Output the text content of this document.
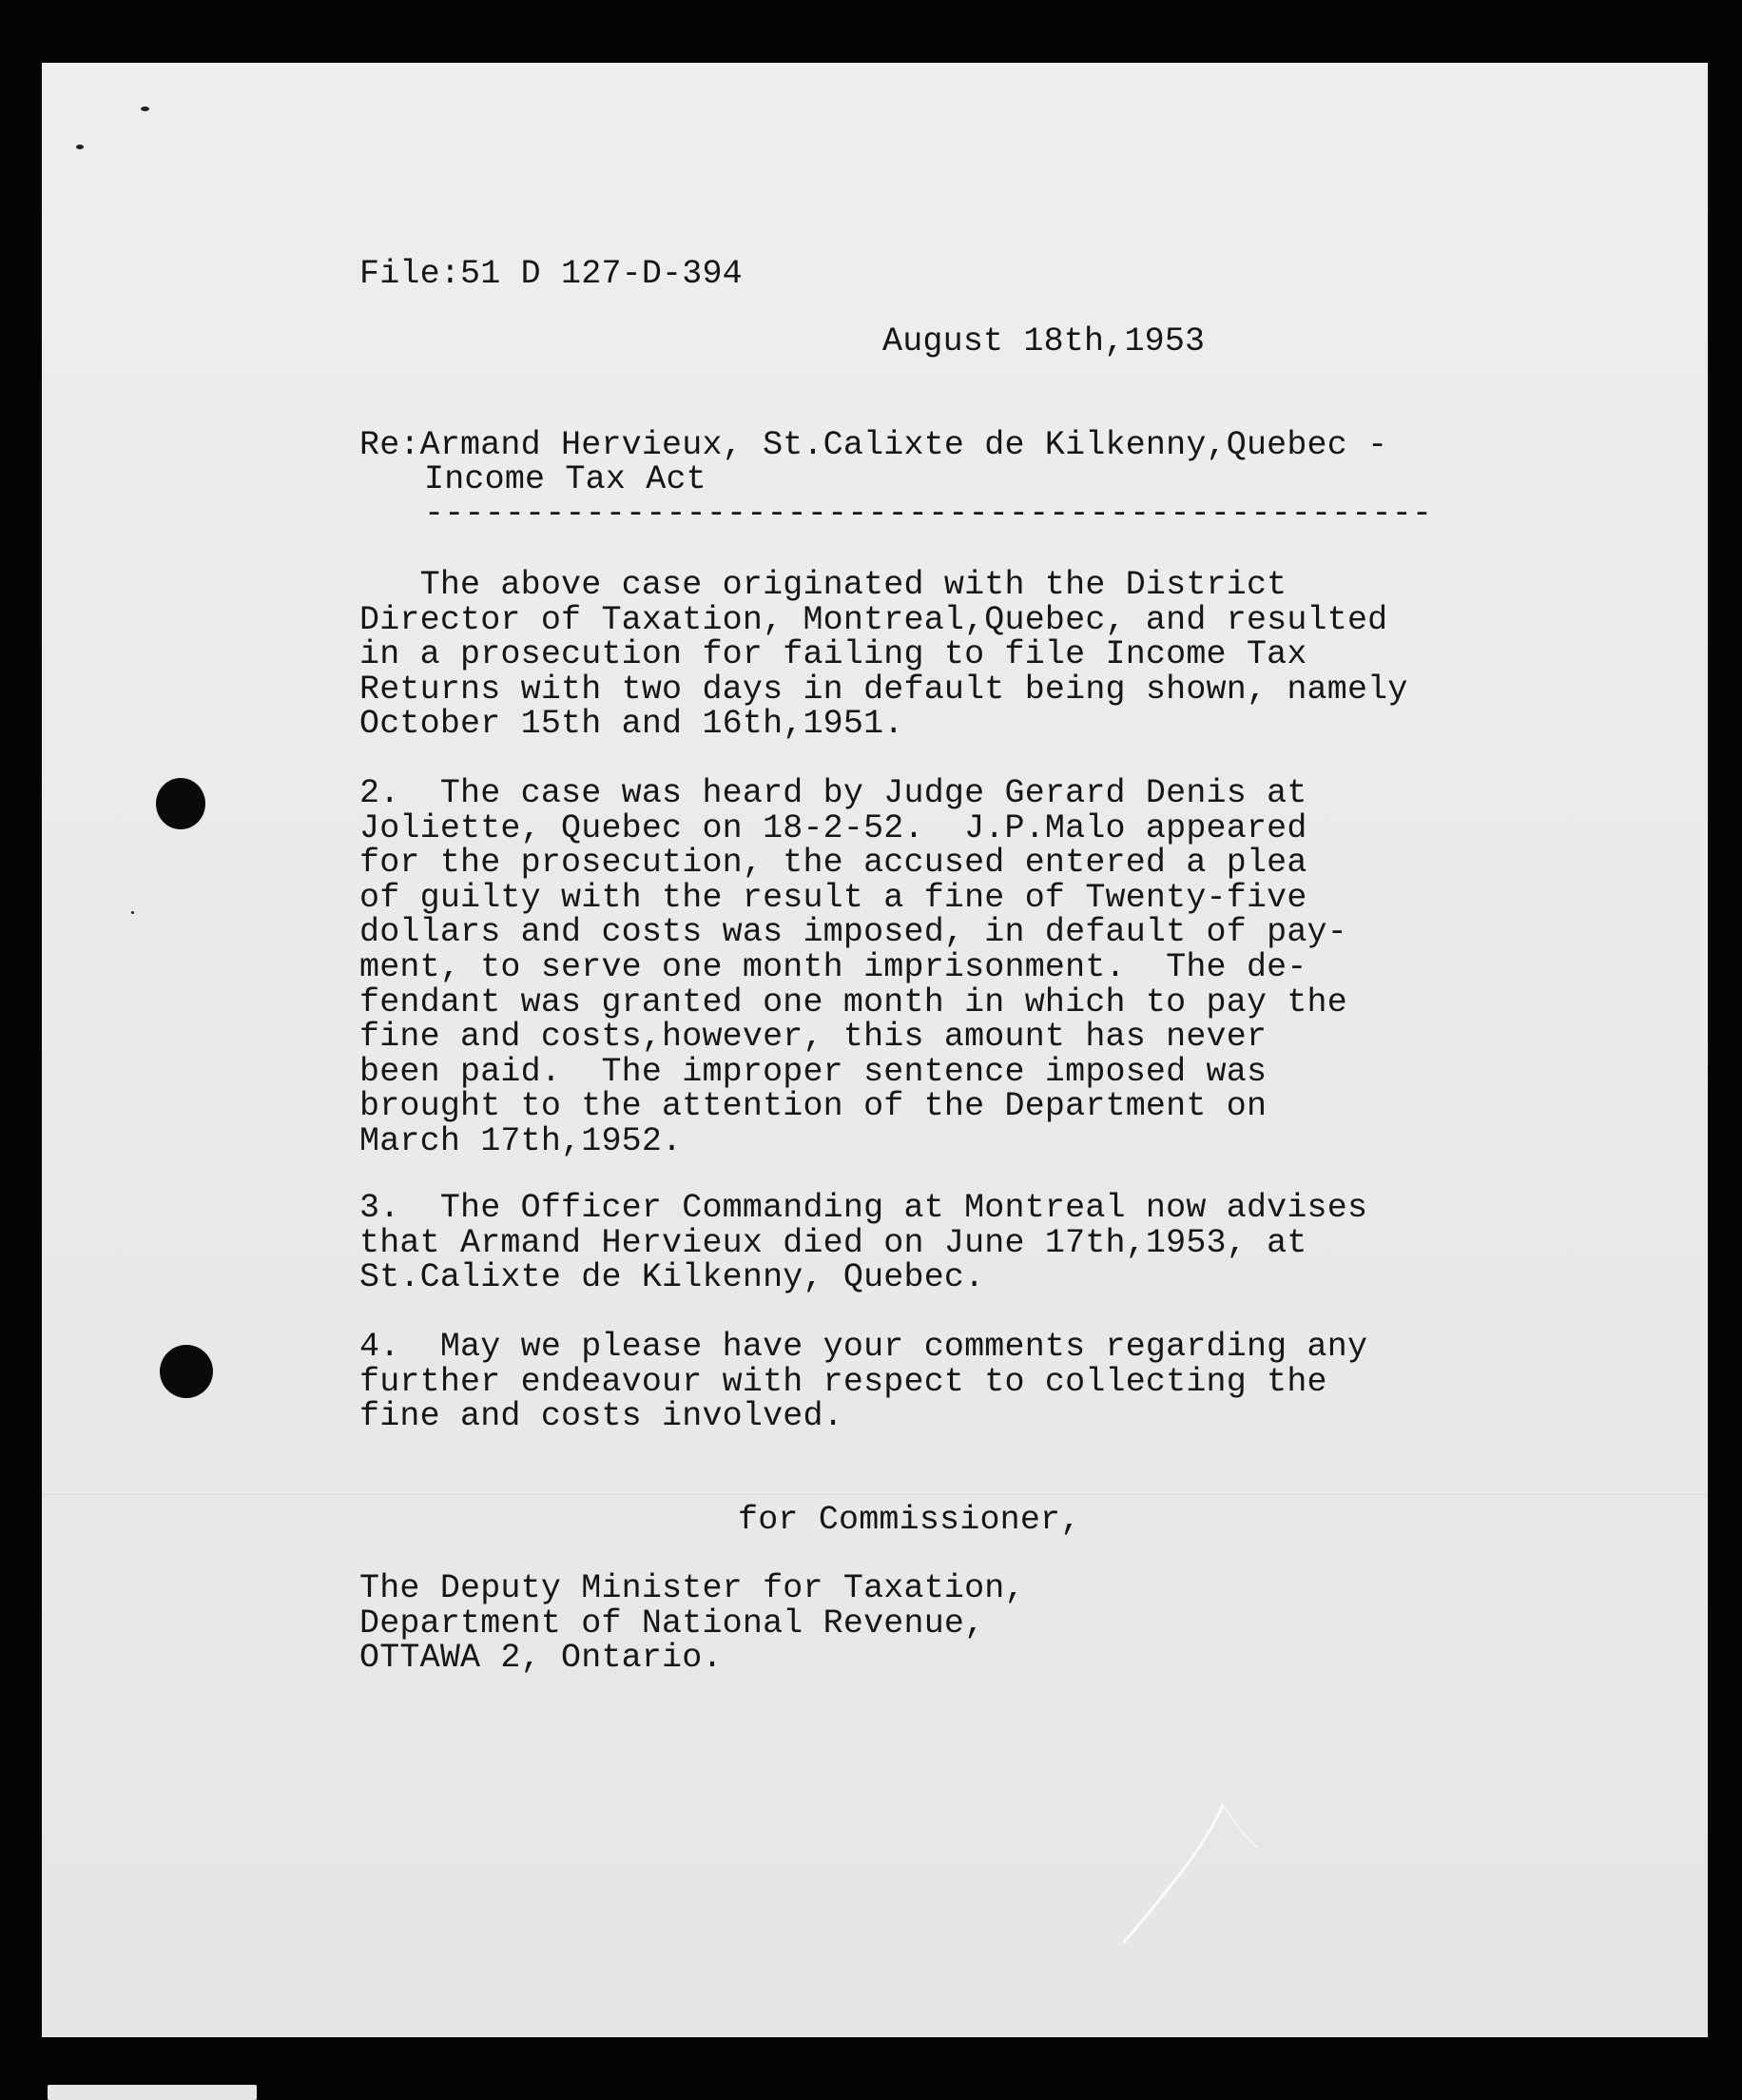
File:51 D 127-D-394

August 18th,1953

Re:Armand Hervieux, St.Calixte de Kilkenny,Quebec -

Income Tax Act

--------------------------------------------------

The above case originated with the District
Director of Taxation, Montreal,Quebec, and resulted
in a prosecution for failing to file Income Tax
Returns with two days in default being shown, namely
October 15th and 16th,1951.

2.  The case was heard by Judge Gerard Denis at
Joliette, Quebec on 18-2-52.  J.P.Malo appeared
for the prosecution, the accused entered a plea
of guilty with the result a fine of Twenty-five
dollars and costs was imposed, in default of pay-
ment, to serve one month imprisonment.  The de-
fendant was granted one month in which to pay the
fine and costs,however, this amount has never
been paid.  The improper sentence imposed was
brought to the attention of the Department on
March 17th,1952.

3.  The Officer Commanding at Montreal now advises
that Armand Hervieux died on June 17th,1953, at
St.Calixte de Kilkenny, Quebec.

4.  May we please have your comments regarding any
further endeavour with respect to collecting the
fine and costs involved.

for Commissioner,

The Deputy Minister for Taxation,
Department of National Revenue,
OTTAWA 2, Ontario.
